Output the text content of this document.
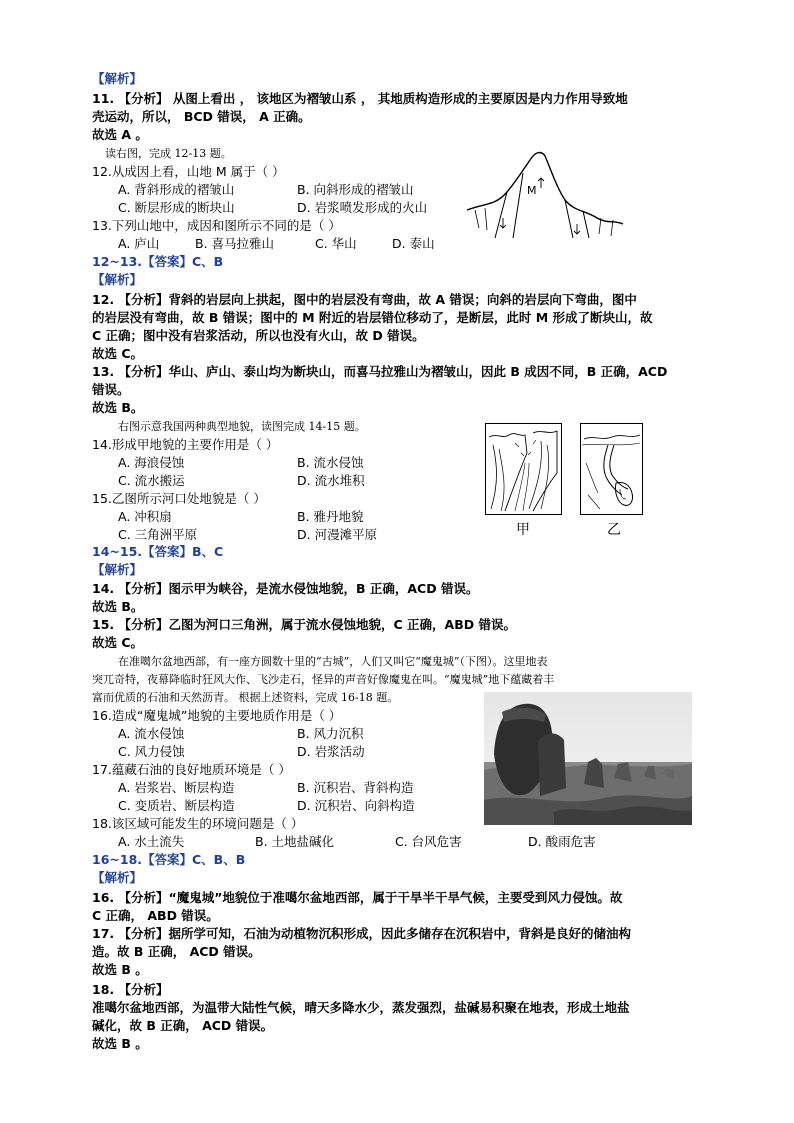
【解析】
11. 【分析】 从图上看出 ， 该地区为褶皱山系 ， 其地质构造形成的主要原因是内力作用导致地
壳运动，所以， BCD 错误， A 正确。
故选 A 。
读右图，完成 12-13 题。
12.从成因上看，山地 M 属于（ ）
A. 背斜形成的褶皱山	B. 向斜形成的褶皱山
C. 断层形成的断块山	D. 岩浆喷发形成的火山
13.下列山地中，成因和图所示不同的是（ ）
A. 庐山	B. 喜马拉雅山	C. 华山	D. 泰山
M
12~13.【答案】C、B
【解析】
12. 【分析】背斜的岩层向上拱起，图中的岩层没有弯曲，故 A 错误；向斜的岩层向下弯曲，图中
的岩层没有弯曲，故 B 错误；图中的 M 附近的岩层错位移动了，是断层，此时 M 形成了断块山，故
C 正确；图中没有岩浆活动，所以也没有火山，故 D 错误。
故选 C。
13. 【分析】华山、庐山、泰山均为断块山，而喜马拉雅山为褶皱山，因此 B 成因不同，B 正确，ACD
错误。
故选 B。
右图示意我国两种典型地貌，读图完成 14-15 题。
14.形成甲地貌的主要作用是（ ）
A. 海浪侵蚀	B. 流水侵蚀
C. 流水搬运	D. 流水堆积
15.乙图所示河口处地貌是（ ）
A. 冲积扇	B. 雅丹地貌
C. 三角洲平原	D. 河漫滩平原	甲	乙
14~15.【答案】B、C
【解析】
14. 【分析】图示甲为峡谷，是流水侵蚀地貌，B 正确，ACD 错误。
故选 B。
15. 【分析】乙图为河口三角洲，属于流水侵蚀地貌，C 正确，ABD 错误。
故选 C。
在准噶尔盆地西部，有一座方圆数十里的“古城”，人们又叫它“魔鬼城”（下图）。这里地表
突兀奇特，夜幕降临时狂风大作、飞沙走石，怪异的声音好像魔鬼在叫。“魔鬼城”地下蕴藏着丰
富而优质的石油和天然沥青。 根据上述资料，完成 16-18 题。
16.造成“魔鬼城”地貌的主要地质作用是（ ）
A. 流水侵蚀	B. 风力沉积
C. 风力侵蚀	D. 岩浆活动
17.蕴藏石油的良好地质环境是（ ）
A. 岩浆岩、断层构造	B. 沉积岩、背斜构造
C. 变质岩、断层构造	D. 沉积岩、向斜构造
18.该区域可能发生的环境问题是（ ）
A. 水土流失	B. 土地盐碱化	C. 台风危害	D. 酸雨危害
16~18.【答案】C、B、B
【解析】
16. 【分析】“魔鬼城”地貌位于准噶尔盆地西部，属于干旱半干旱气候，主要受到风力侵蚀。故
C 正确， ABD 错误。
17. 【分析】据所学可知，石油为动植物沉积形成，因此多储存在沉积岩中，背斜是良好的储油构
造。故 B 正确， ACD 错误。
故选 B 。
18. 【分析】
准噶尔盆地西部，为温带大陆性气候，晴天多降水少，蒸发强烈，盐碱易积聚在地表，形成土地盐
碱化，故 B 正确， ACD 错误。
故选 B 。
